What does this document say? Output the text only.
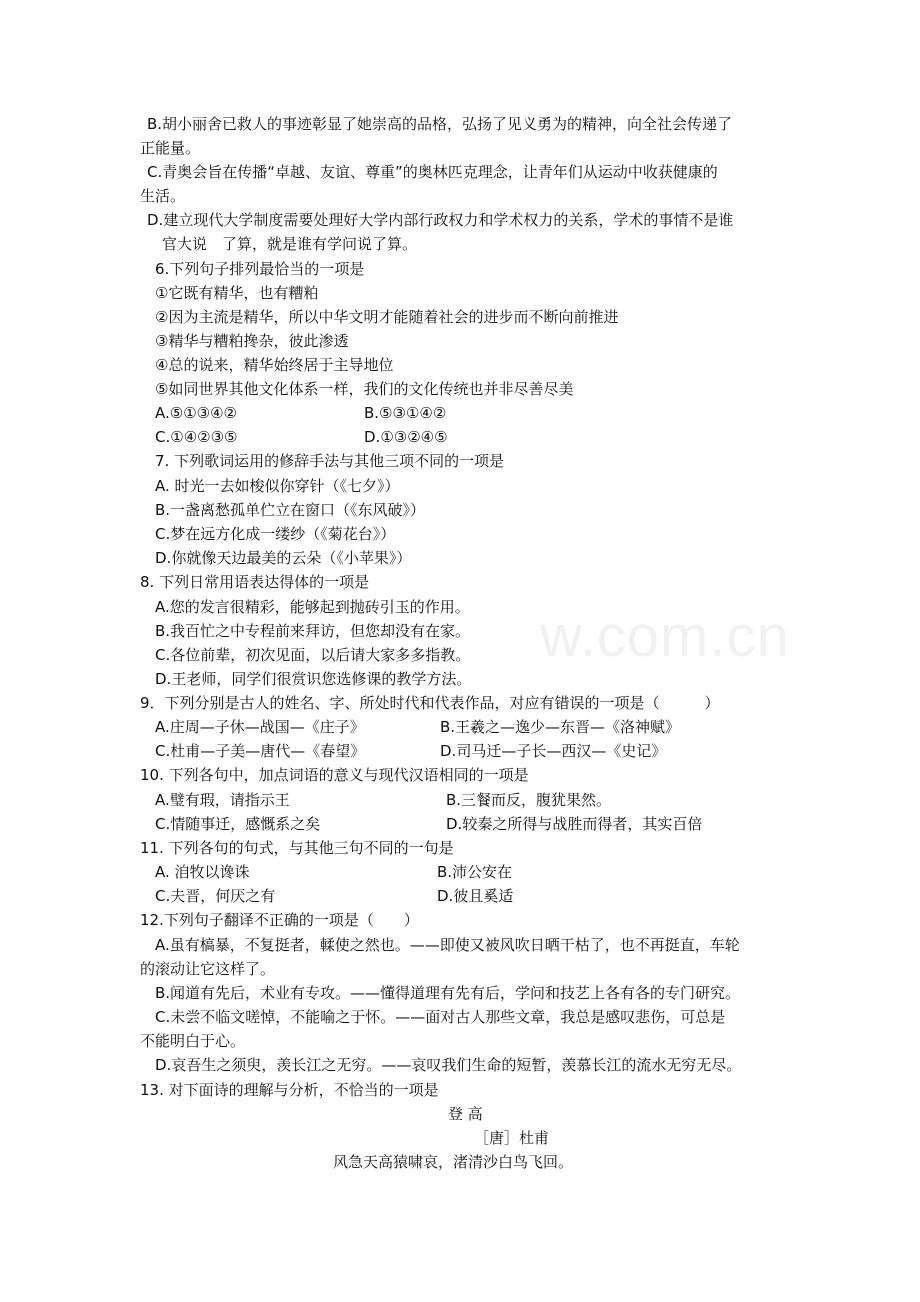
w.com.cn
B.胡小丽舍已救人的事迹彰显了她崇高的品格，弘扬了见义勇为的精神，向全社会传递了
正能量。
C.青奥会旨在传播“卓越、友谊、尊重”的奥林匹克理念，让青年们从运动中收获健康的
生活。
D.建立现代大学制度需要处理好大学内部行政权力和学术权力的关系，学术的事情不是谁
官大说　了算，就是谁有学问说了算。
6.下列句子排列最恰当的一项是
①它既有精华，也有糟粕
②因为主流是精华，所以中华文明才能随着社会的进步而不断向前推进
③精华与糟粕搀杂，彼此渗透
④总的说来，精华始终居于主导地位
⑤如同世界其他文化体系一样，我们的文化传统也并非尽善尽美
A.⑤①③④②	B.⑤③①④②
C.①④②③⑤	D.①③②④⑤
7. 下列歌词运用的修辞手法与其他三项不同的一项是
A. 时光一去如梭似你穿针（《七夕》）
B.一盏离愁孤单伫立在窗口（《东风破》）
C.梦在远方化成一缕纱（《菊花台》）
D.你就像天边最美的云朵（《小苹果》）
8. 下列日常用语表达得体的一项是
A.您的发言很精彩，能够起到抛砖引玉的作用。
B.我百忙之中专程前来拜访，但您却没有在家。
C.各位前辈，初次见面，以后请大家多多指教。
D.王老师，同学们很赏识您选修课的教学方法。
9．下列分别是古人的姓名、字、所处时代和代表作品，对应有错误的一项是（　　　）
A.庄周—子休—战国—《庄子》	B.王羲之—逸少—东晋—《洛神赋》
C.杜甫—子美—唐代—《春望》	D.司马迁—子长—西汉—《史记》
10. 下列各句中，加点词语的意义与现代汉语相同的一项是
A.璧有瑕，请指示王	B.三餐而反，腹犹果然。
C.情随事迁，感慨系之矣	D.较秦之所得与战胜而得者，其实百倍
11. 下列各句的句式，与其他三句不同的一句是
A. 洎牧以谗诛	B.沛公安在
C.夫晋，何厌之有	D.彼且奚适
12.下列句子翻译不正确的一项是（　　）
A.虽有槁暴，不复挺者，輮使之然也。——即使又被风吹日晒干枯了，也不再挺直，车轮
的滚动让它这样了。
B.闻道有先后，术业有专攻。——懂得道理有先有后，学问和技艺上各有各的专门研究。
C.未尝不临文嗟悼，不能喻之于怀。——面对古人那些文章，我总是感叹悲伤，可总是
不能明白于心。
D.哀吾生之须臾，羡长江之无穷。——哀叹我们生命的短暂，羡慕长江的流水无穷无尽。
13. 对下面诗的理解与分析，不恰当的一项是
登 高
［唐］杜甫
风急天高猿啸哀，渚清沙白鸟飞回。
